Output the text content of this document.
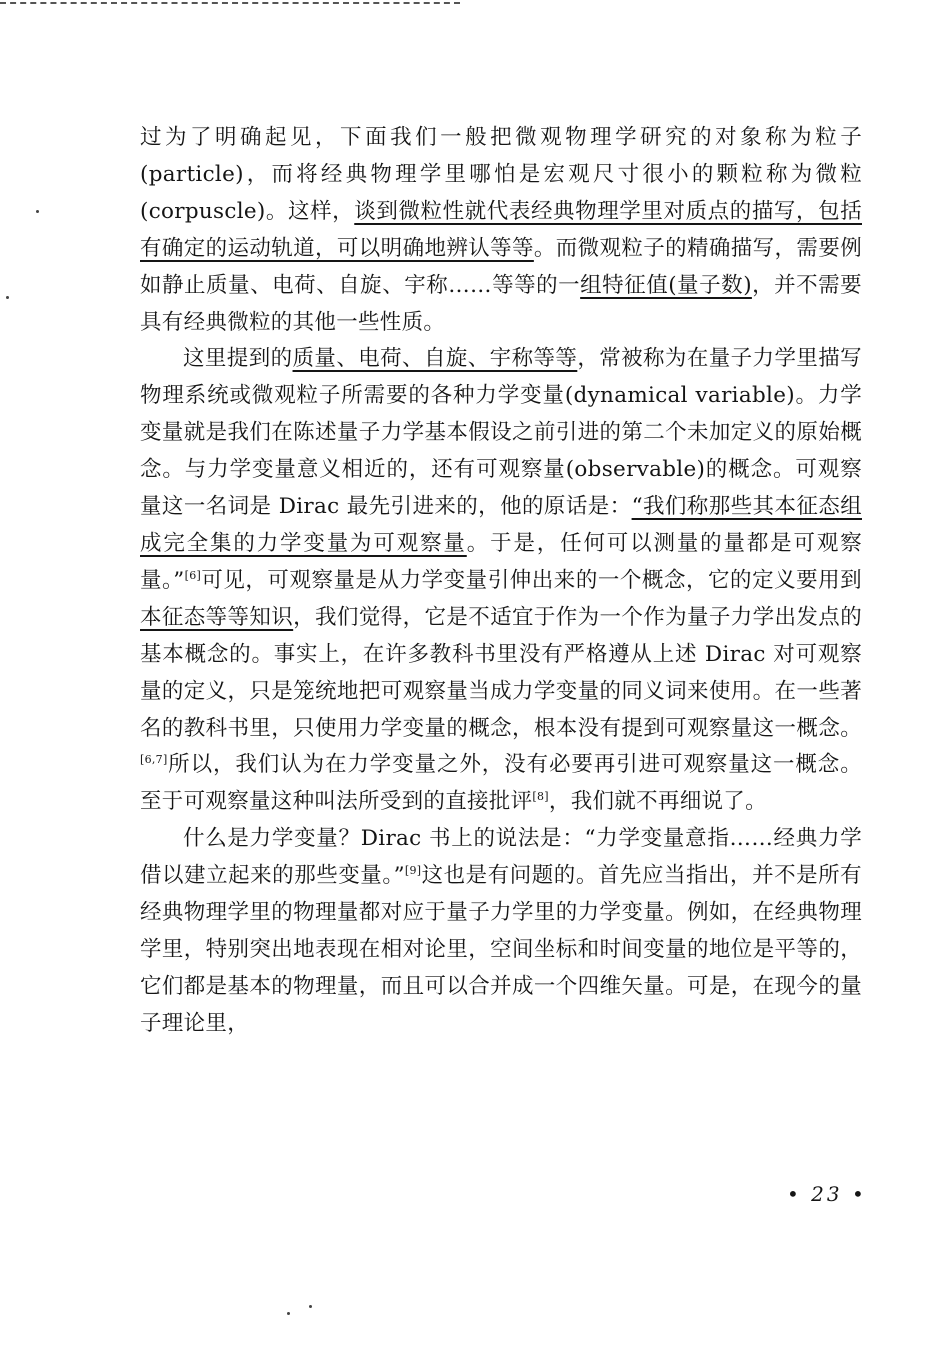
过为了明确起见，下面我们一般把微观物理学研究的对象称为粒子(particle)，而将经典物理学里哪怕是宏观尺寸很小的颗粒称为微粒(corpuscle)。这样，谈到微粒性就代表经典物理学里对质点的描写，包括有确定的运动轨道，可以明确地辨认等等。而微观粒子的精确描写，需要例如静止质量、电荷、自旋、宇称……等等的一组特征值(量子数)，并不需要具有经典微粒的其他一些性质。

这里提到的质量、电荷、自旋、宇称等等，常被称为在量子力学里描写物理系统或微观粒子所需要的各种力学变量(dynamical variable)。力学变量就是我们在陈述量子力学基本假设之前引进的第二个未加定义的原始概念。与力学变量意义相近的，还有可观察量(observable)的概念。可观察量这一名词是 Dirac 最先引进来的，他的原话是：“我们称那些其本征态组成完全集的力学变量为可观察量。于是，任何可以测量的量都是可观察量。”[6]可见，可观察量是从力学变量引伸出来的一个概念，它的定义要用到本征态等等知识，我们觉得，它是不适宜于作为一个作为量子力学出发点的基本概念的。事实上，在许多教科书里没有严格遵从上述 Dirac 对可观察量的定义，只是笼统地把可观察量当成力学变量的同义词来使用。在一些著名的教科书里，只使用力学变量的概念，根本没有提到可观察量这一概念。[6,7]所以，我们认为在力学变量之外，没有必要再引进可观察量这一概念。至于可观察量这种叫法所受到的直接批评[8]，我们就不再细说了。

什么是力学变量？Dirac 书上的说法是：“力学变量意指……经典力学借以建立起来的那些变量。”[9]这也是有问题的。首先应当指出，并不是所有经典物理学里的物理量都对应于量子力学里的力学变量。例如，在经典物理学里，特别突出地表现在相对论里，空间坐标和时间变量的地位是平等的，它们都是基本的物理量，而且可以合并成一个四维矢量。可是，在现今的量子理论里，

• 23 •
